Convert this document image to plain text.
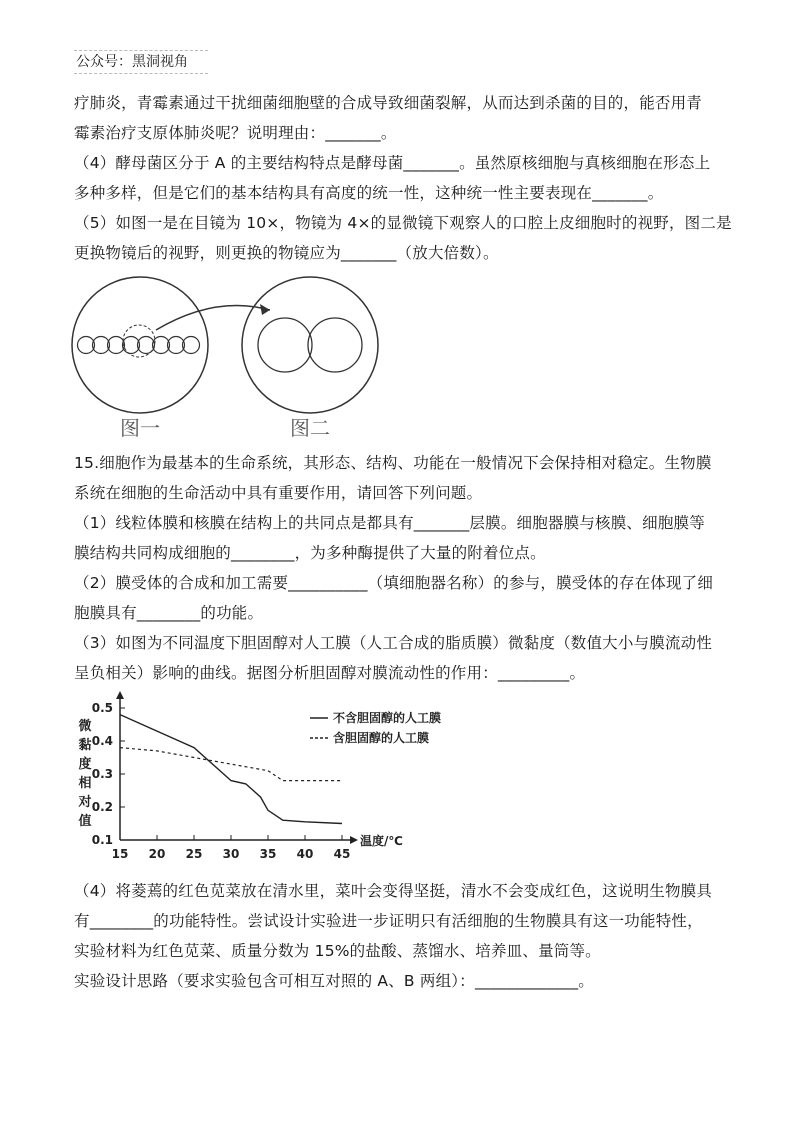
公众号：黑洞视角
疗肺炎，青霉素通过干扰细菌细胞壁的合成导致细菌裂解，从而达到杀菌的目的，能否用青
霉素治疗支原体肺炎呢？说明理由：_______。
（4）酵母菌区分于 A 的主要结构特点是酵母菌_______。虽然原核细胞与真核细胞在形态上
多种多样，但是它们的基本结构具有高度的统一性，这种统一性主要表现在_______。
（5）如图一是在目镜为 10×，物镜为 4×的显微镜下观察人的口腔上皮细胞时的视野，图二是
更换物镜后的视野，则更换的物镜应为_______（放大倍数）。
图一	图二
15.细胞作为最基本的生命系统，其形态、结构、功能在一般情况下会保持相对稳定。生物膜
系统在细胞的生命活动中具有重要作用，请回答下列问题。
（1）线粒体膜和核膜在结构上的共同点是都具有_______层膜。细胞器膜与核膜、细胞膜等
膜结构共同构成细胞的________，为多种酶提供了大量的附着位点。
（2）膜受体的合成和加工需要__________（填细胞器名称）的参与，膜受体的存在体现了细
胞膜具有________的功能。
（3）如图为不同温度下胆固醇对人工膜（人工合成的脂质膜）微黏度（数值大小与膜流动性
呈负相关）影响的曲线。据图分析胆固醇对膜流动性的作用：_________。
0.1
0.2
0.3
0.4
0.5
15 20 25 30 35 40 45
温度/℃
微黏度相对值
不含胆固醇的人工膜
含胆固醇的人工膜
（4）将菱蔫的红色苋菜放在清水里，菜叶会变得坚挺，清水不会变成红色，这说明生物膜具
有________的功能特性。尝试设计实验进一步证明只有活细胞的生物膜具有这一功能特性，
实验材料为红色苋菜、质量分数为 15%的盐酸、蒸馏水、培养皿、量筒等。
实验设计思路（要求实验包含可相互对照的 A、B 两组）：_____________。
